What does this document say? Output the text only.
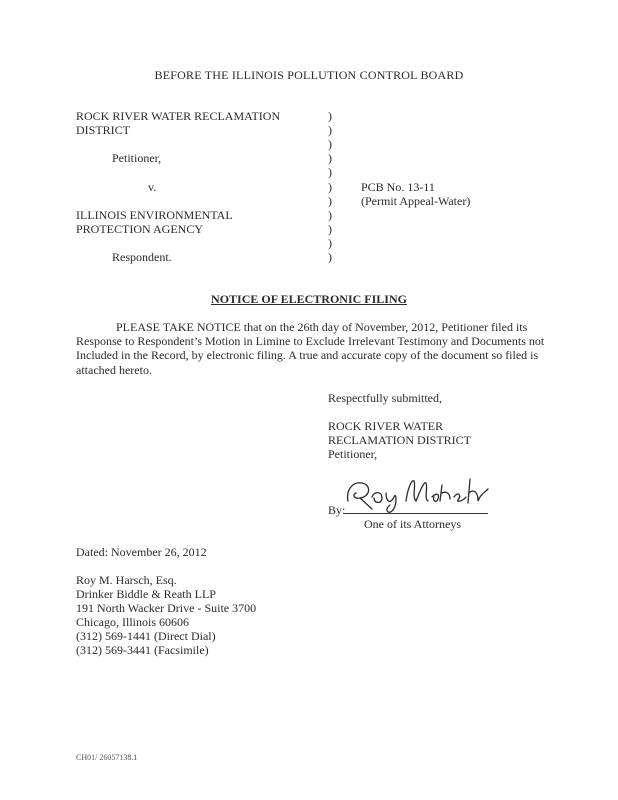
BEFORE THE ILLINOIS POLLUTION CONTROL BOARD
ROCK RIVER WATER RECLAMATION
DISTRICT
Petitioner,
v.
ILLINOIS ENVIRONMENTAL
PROTECTION AGENCY
Respondent.
)
)
)
)
)
)
)
)
)
)
)
PCB No. 13-11
(Permit Appeal-Water)
NOTICE OF ELECTRONIC FILING
PLEASE TAKE NOTICE that on the 26th day of November, 2012, Petitioner filed its Response to Respondent’s Motion in Limine to Exclude Irrelevant Testimony and Documents not Included in the Record, by electronic filing. A true and accurate copy of the document so filed is attached hereto.
Respectfully submitted,
ROCK RIVER WATER
RECLAMATION DISTRICT
Petitioner,
By:
One of its Attorneys
Dated: November 26, 2012
Roy M. Harsch, Esq.
Drinker Biddle & Reath LLP
191 North Wacker Drive - Suite 3700
Chicago, Illinois 60606
(312) 569-1441 (Direct Dial)
(312) 569-3441 (Facsimile)
CH01/ 26057138.1
